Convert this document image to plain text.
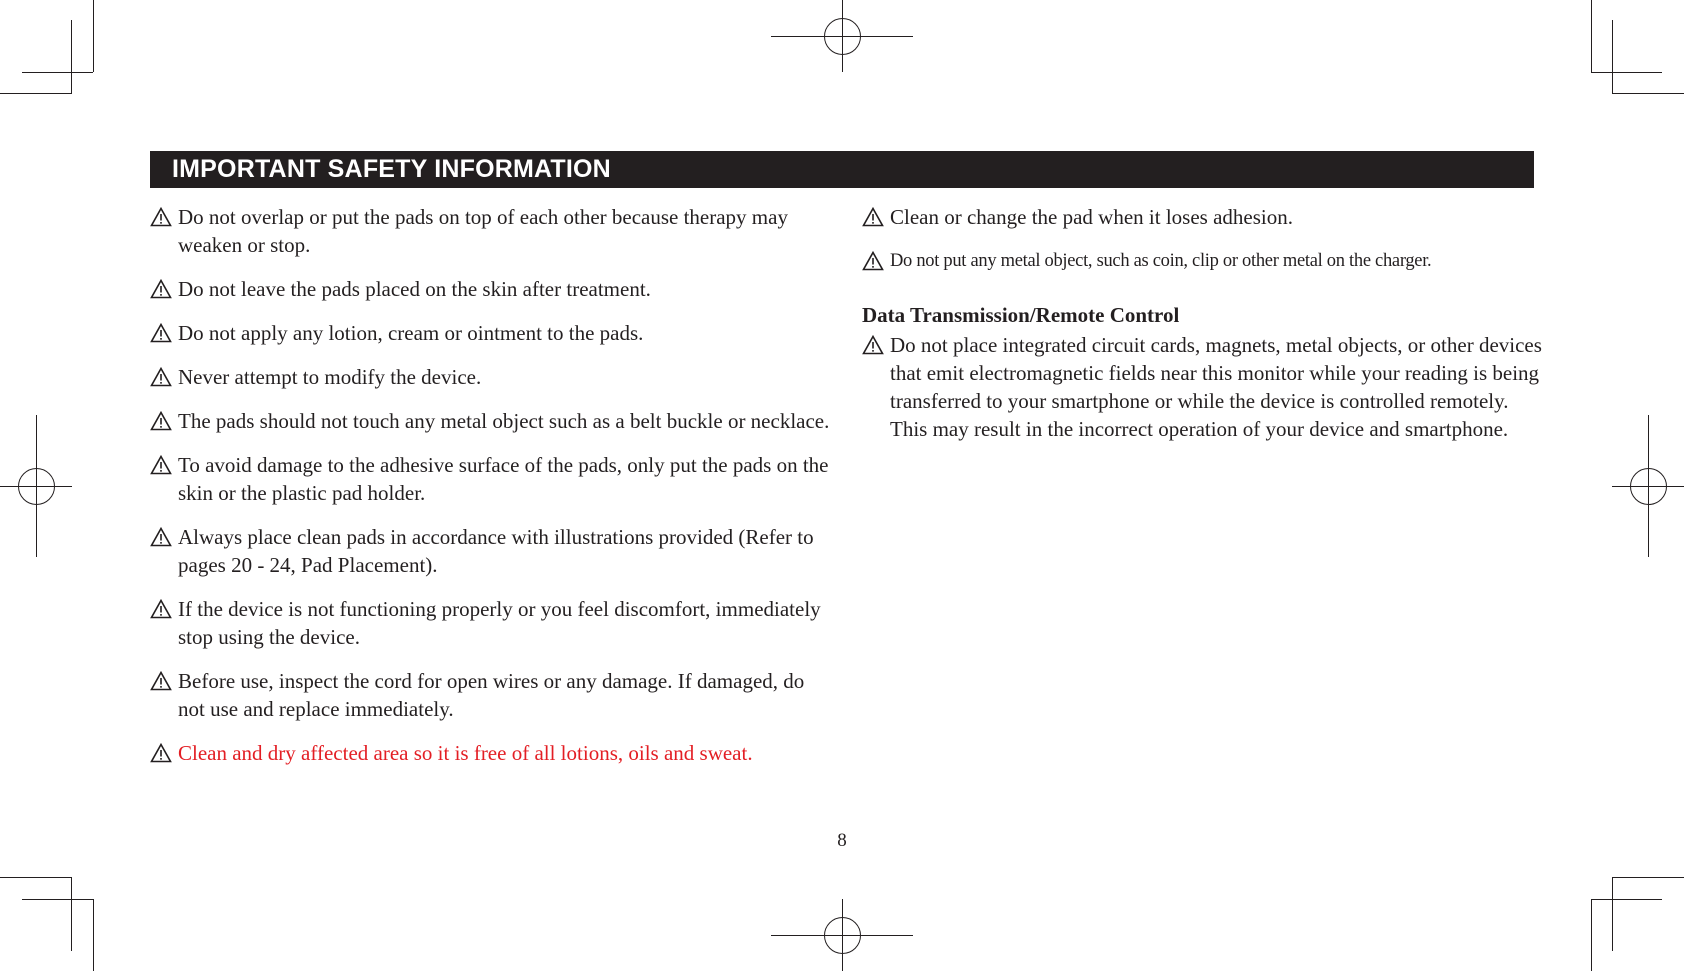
IMPORTANT SAFETY INFORMATION
Do not overlap or put the pads on top of each other because therapy may weaken or stop.
Do not leave the pads placed on the skin after treatment.
Do not apply any lotion, cream or ointment to the pads.
Never attempt to modify the device.
The pads should not touch any metal object such as a belt buckle or necklace.
To avoid damage to the adhesive surface of the pads, only put the pads on the skin or the plastic pad holder.
Always place clean pads in accordance with illustrations provided (Refer to pages 20 - 24, Pad Placement).
If the device is not functioning properly or you feel discomfort, immediately stop using the device.
Before use, inspect the cord for open wires or any damage. If damaged, do not use and replace immediately.
Clean and dry affected area so it is free of all lotions, oils and sweat.
Clean or change the pad when it loses adhesion.
Do not put any metal object, such as coin, clip or other metal on the charger.
Data Transmission/Remote Control
Do not place integrated circuit cards, magnets, metal objects, or other devices that emit electromagnetic fields near this monitor while your reading is being transferred to your smartphone or while the device is controlled remotely. This may result in the incorrect operation of your device and smartphone.
8
